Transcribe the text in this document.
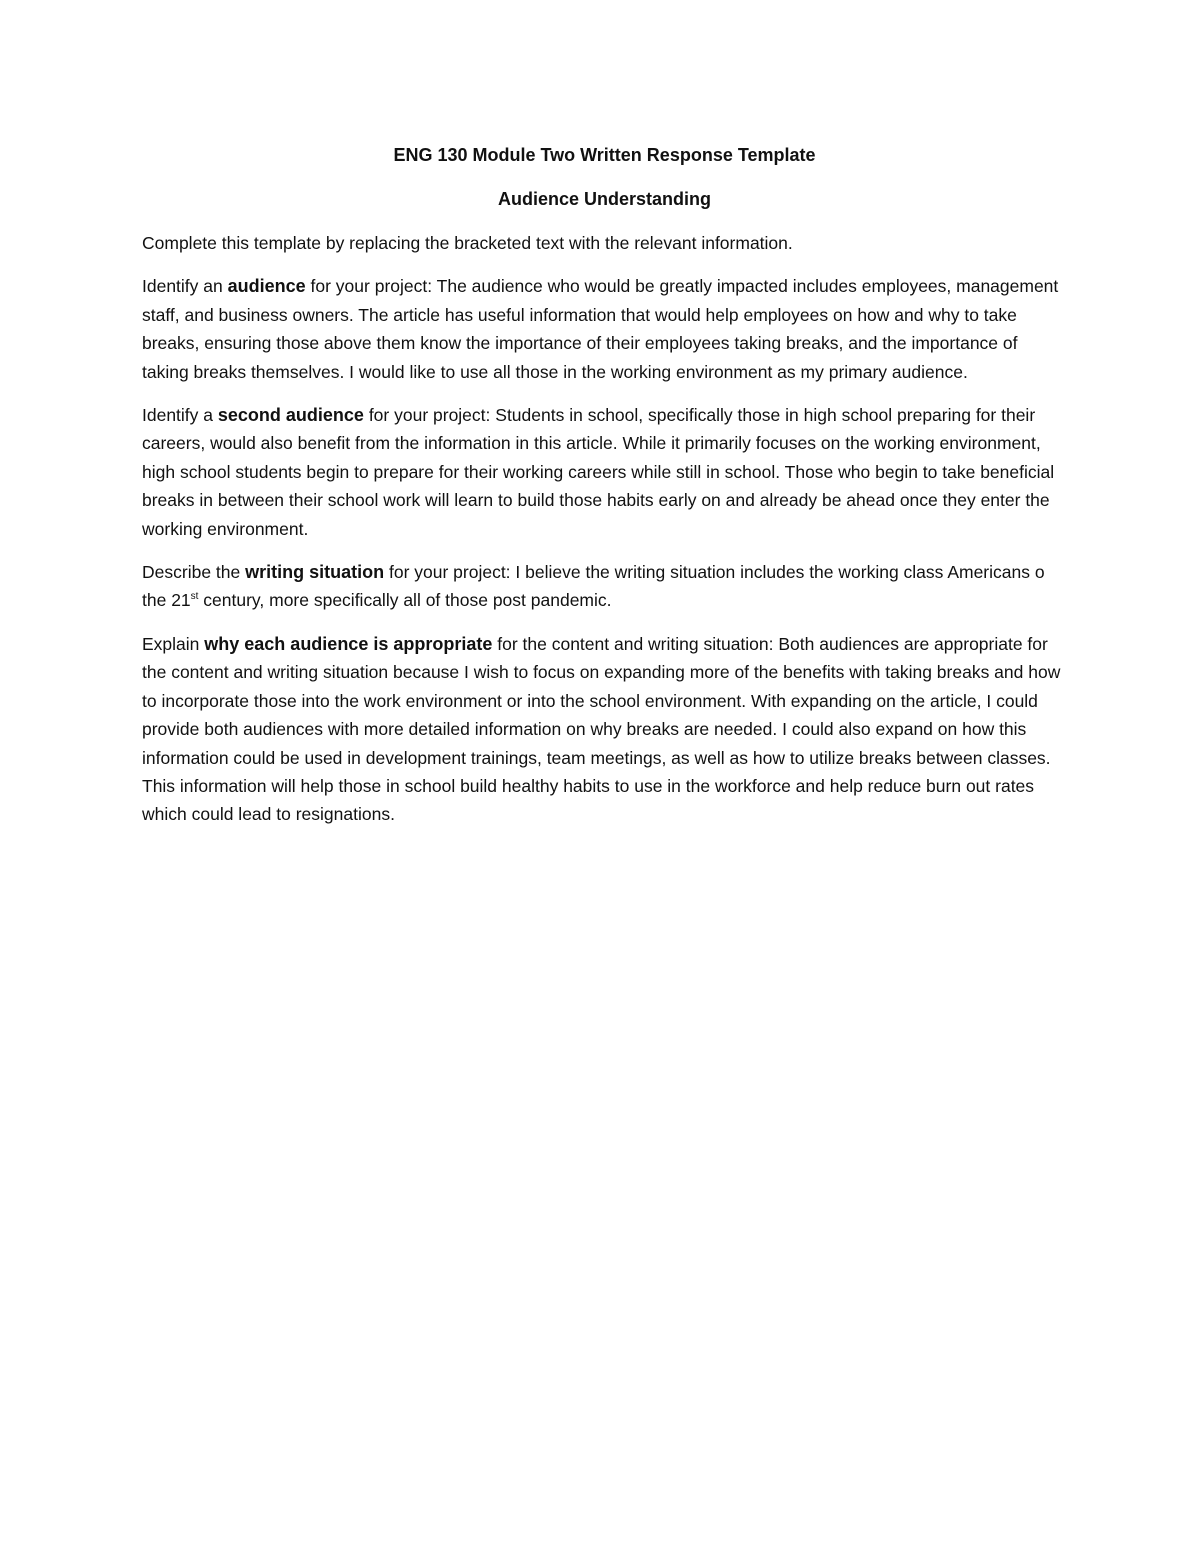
ENG 130 Module Two Written Response Template
Audience Understanding

Complete this template by replacing the bracketed text with the relevant information.

Identify an audience for your project: The audience who would be greatly impacted includes employees, management staff, and business owners. The article has useful information that would help employees on how and why to take breaks, ensuring those above them know the importance of their employees taking breaks, and the importance of taking breaks themselves. I would like to use all those in the working environment as my primary audience.

Identify a second audience for your project: Students in school, specifically those in high school preparing for their careers, would also benefit from the information in this article. While it primarily focuses on the working environment, high school students begin to prepare for their working careers while still in school. Those who begin to take beneficial breaks in between their school work will learn to build those habits early on and already be ahead once they enter the working environment.

Describe the writing situation for your project: I believe the writing situation includes the working class Americans o the 21st century, more specifically all of those post pandemic.

Explain why each audience is appropriate for the content and writing situation: Both audiences are appropriate for the content and writing situation because I wish to focus on expanding more of the benefits with taking breaks and how to incorporate those into the work environment or into the school environment. With expanding on the article, I could provide both audiences with more detailed information on why breaks are needed. I could also expand on how this information could be used in development trainings, team meetings, as well as how to utilize breaks between classes. This information will help those in school build healthy habits to use in the workforce and help reduce burn out rates which could lead to resignations.
